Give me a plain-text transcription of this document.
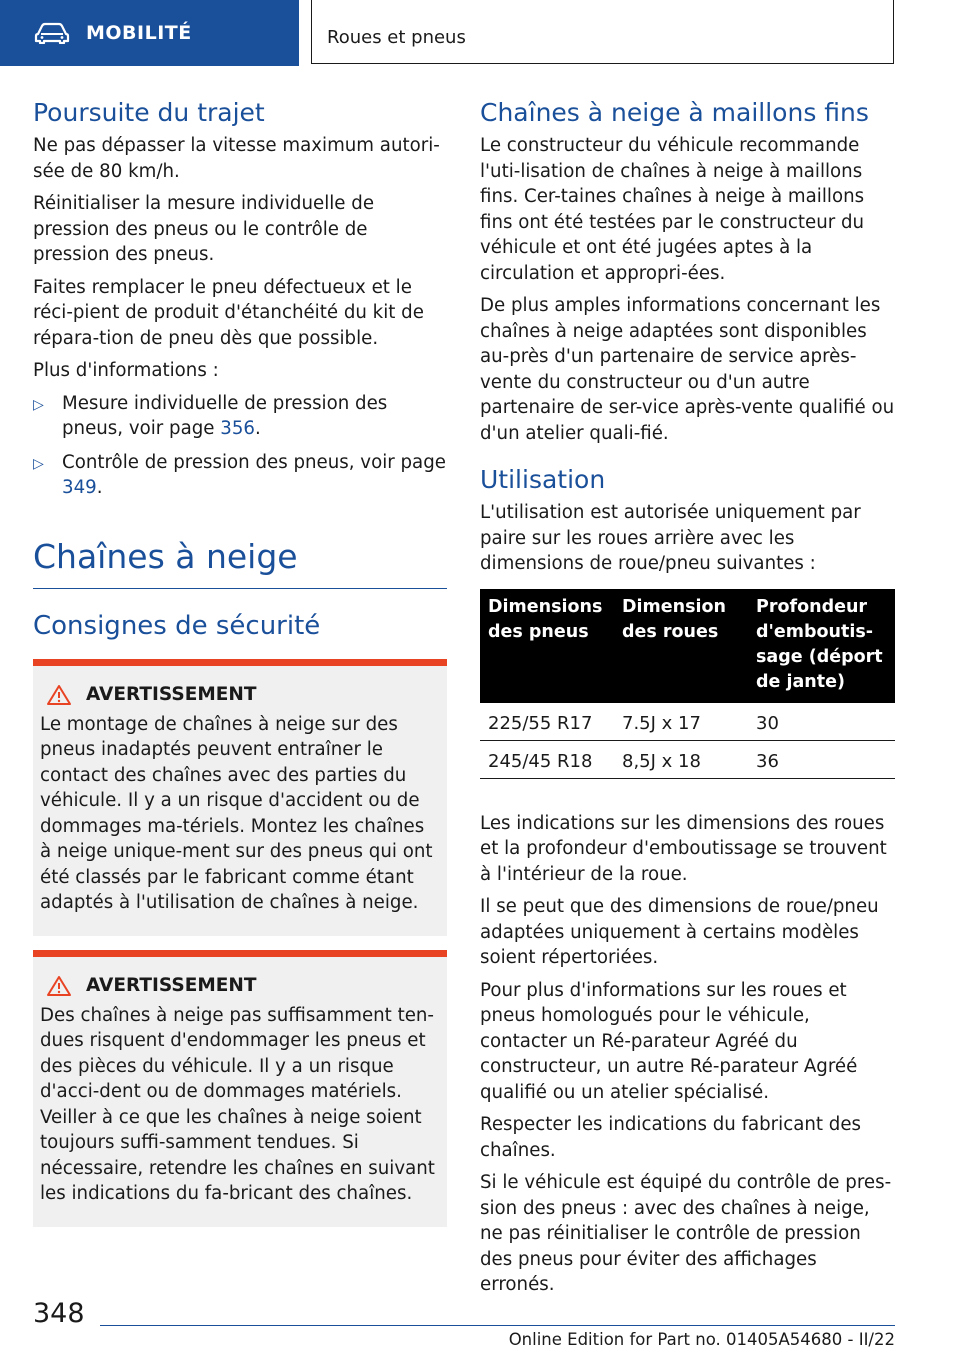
MOBILITÉ	Roues et pneus
Poursuite du trajet

Ne pas dépasser la vitesse maximum autori-sée de 80 km/h.

Réinitialiser la mesure individuelle de pression des pneus ou le contrôle de pression des pneus.

Faites remplacer le pneu défectueux et le réci-pient de produit d'étanchéité du kit de répara-tion de pneu dès que possible.

Plus d'informations :

▷	Mesure individuelle de pression des pneus, voir page 356.
▷	Contrôle de pression des pneus, voir page 349.
Chaînes à neige
Consignes de sécurité
AVERTISSEMENT

Le montage de chaînes à neige sur des pneus inadaptés peuvent entraîner le contact des chaînes avec des parties du véhicule. Il y a un risque d'accident ou de dommages ma-tériels. Montez les chaînes à neige unique-ment sur des pneus qui ont été classés par le fabricant comme étant adaptés à l'utilisation de chaînes à neige.

AVERTISSEMENT

Des chaînes à neige pas suffisamment ten-dues risquent d'endommager les pneus et des pièces du véhicule. Il y a un risque d'acci-dent ou de dommages matériels. Veiller à ce que les chaînes à neige soient toujours suffi-samment tendues. Si nécessaire, retendre les chaînes en suivant les indications du fa-bricant des chaînes.

Chaînes à neige à maillons fins

Le constructeur du véhicule recommande l'uti-lisation de chaînes à neige à maillons fins. Cer-taines chaînes à neige à maillons fins ont été testées par le constructeur du véhicule et ont été jugées aptes à la circulation et appropri-ées.

De plus amples informations concernant les chaînes à neige adaptées sont disponibles au-près d'un partenaire de service après-vente du constructeur ou d'un autre partenaire de ser-vice après-vente qualifié ou d'un atelier quali-fié.

Utilisation

L'utilisation est autorisée uniquement par paire sur les roues arrière avec les dimensions de roue/pneu suivantes :

Dimensions des pneus	Dimension des roues	Profondeur d'emboutissage (déport de jante)
225/55 R17	7.5J x 17	30
245/45 R18	8,5J x 18	36

Les indications sur les dimensions des roues et la profondeur d'emboutissage se trouvent à l'intérieur de la roue.

Il se peut que des dimensions de roue/pneu adaptées uniquement à certains modèles soient répertoriées.

Pour plus d'informations sur les roues et pneus homologués pour le véhicule, contacter un Ré-parateur Agréé du constructeur, un autre Ré-parateur Agréé qualifié ou un atelier spécialisé.

Respecter les indications du fabricant des chaînes.

Si le véhicule est équipé du contrôle de pres-sion des pneus : avec des chaînes à neige, ne pas réinitialiser le contrôle de pression des pneus pour éviter des affichages erronés.

348
Online Edition for Part no. 01405A54680 - II/22
